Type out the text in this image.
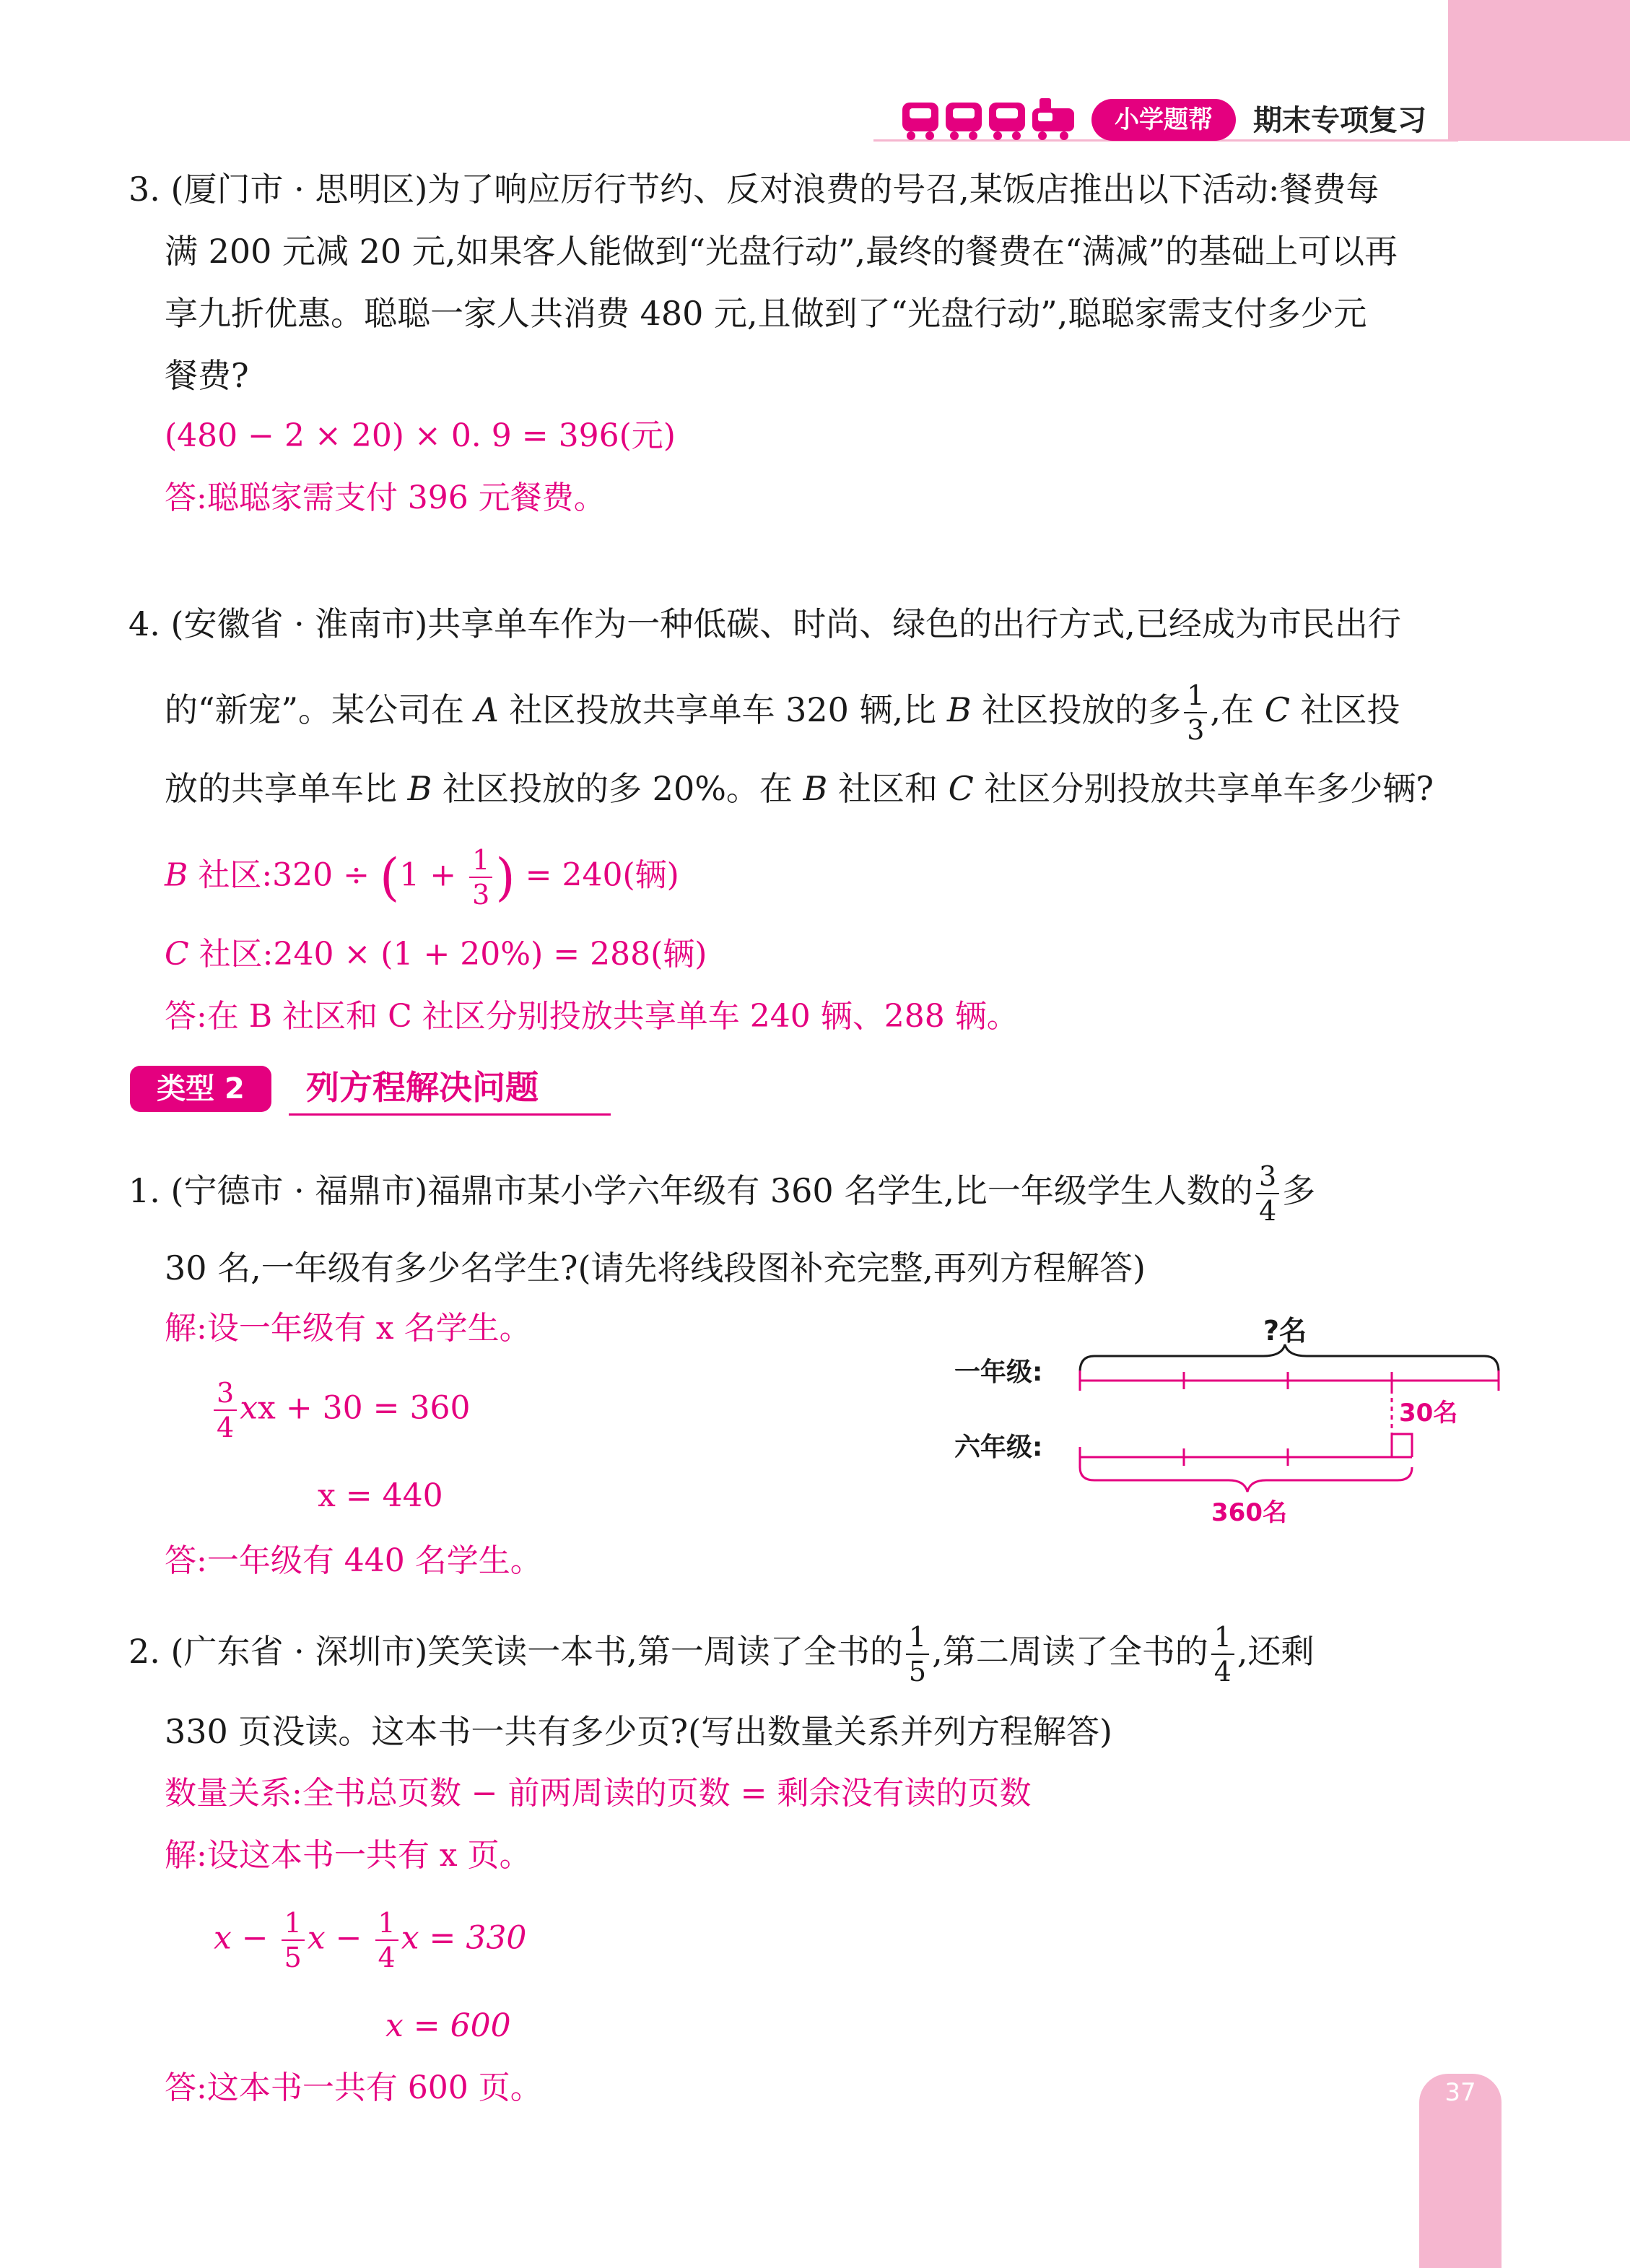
小学题帮	期末专项复习
3. (厦门市 · 思明区)为了响应厉行节约、反对浪费的号召,某饭店推出以下活动:餐费每
满 200 元减 20 元,如果客人能做到“光盘行动”,最终的餐费在“满减”的基础上可以再
享九折优惠。聪聪一家人共消费 480 元,且做到了“光盘行动”,聪聪家需支付多少元
餐费?
(480 − 2 × 20) × 0. 9 = 396(元)
答:聪聪家需支付 396 元餐费。
4. (安徽省 · 淮南市)共享单车作为一种低碳、时尚、绿色的出行方式,已经成为市民出行
的“新宠”。某公司在 A 社区投放共享单车 320 辆,比 B 社区投放的多 $\frac{1}{3}$ ,在 C 社区投
放的共享单车比 B 社区投放的多 20%。在 B 社区和 C 社区分别投放共享单车多少辆?
B 社区:320 ÷ ($1 + \frac{1}{3}$ ) = 240(辆)
C 社区:240 × (1 + 20%) = 288(辆)
答:在 B 社区和 C 社区分别投放共享单车 240 辆、288 辆。
类型 2	列方程解决问题
1. (宁德市 · 福鼎市)福鼎市某小学六年级有 360 名学生,比一年级学生人数的 $\frac{3}{4}$ 多
30 名,一年级有多少名学生?(请先将线段图补充完整,再列方程解答)
解:设一年级有 x 名学生。
$\frac{3}{4}$ xx + 30 = 360
x = 440
答:一年级有 440 名学生。
?名
一年级:
30名
六年级:
360名
2. (广东省 · 深圳市)笑笑读一本书,第一周读了全书的 $\frac{1}{5}$ ,第二周读了全书的 $\frac{1}{4}$ ,还剩
330 页没读。这本书一共有多少页?(写出数量关系并列方程解答)
数量关系:全书总页数 − 前两周读的页数 = 剩余没有读的页数
解:设这本书一共有 x 页。
$x - \frac{1}{5}$ $x - \frac{1}{4}$ x = 330
x = 600
答:这本书一共有 600 页。	37
